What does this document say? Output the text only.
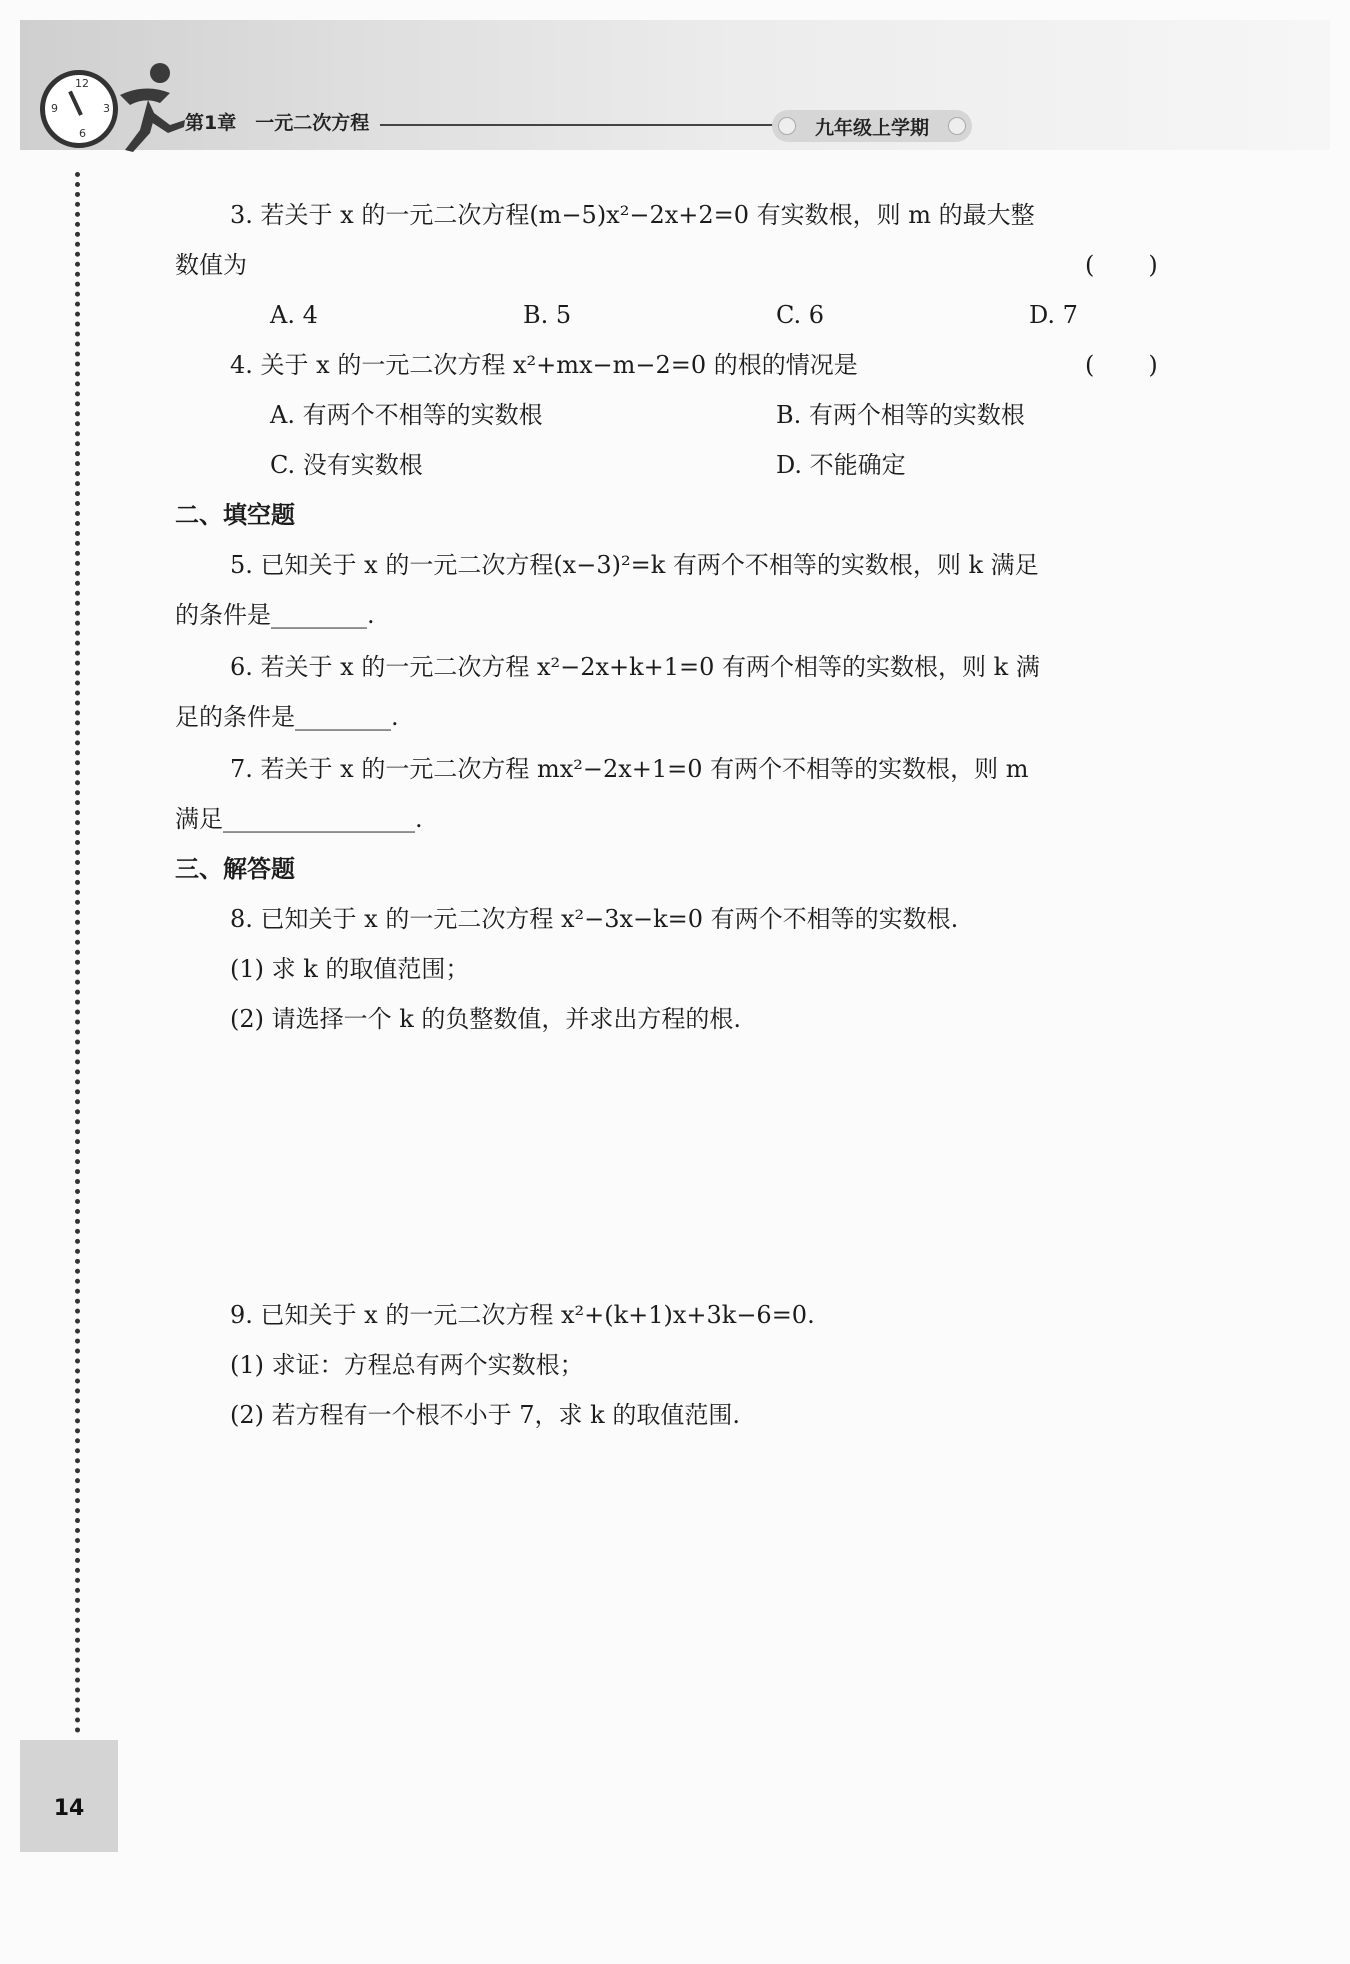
12
3
6
9
第1章　一元二次方程	九年级上学期
3. 若关于 x 的一元二次方程(m−5)x²−2x+2=0 有实数根，则 m 的最大整
数值为	(　　)
A. 4	B. 5	C. 6	D. 7
4. 关于 x 的一元二次方程 x²+mx−m−2=0 的根的情况是	(　　)
A. 有两个不相等的实数根	B. 有两个相等的实数根
C. 没有实数根	D. 不能确定
二、填空题
5. 已知关于 x 的一元二次方程(x−3)²=k 有两个不相等的实数根，则 k 满足
的条件是________.
6. 若关于 x 的一元二次方程 x²−2x+k+1=0 有两个相等的实数根，则 k 满
足的条件是________.
7. 若关于 x 的一元二次方程 mx²−2x+1=0 有两个不相等的实数根，则 m
满足________________.
三、解答题
8. 已知关于 x 的一元二次方程 x²−3x−k=0 有两个不相等的实数根.
(1) 求 k 的取值范围；
(2) 请选择一个 k 的负整数值，并求出方程的根.
9. 已知关于 x 的一元二次方程 x²+(k+1)x+3k−6=0.
(1) 求证：方程总有两个实数根；
(2) 若方程有一个根不小于 7，求 k 的取值范围.
14
